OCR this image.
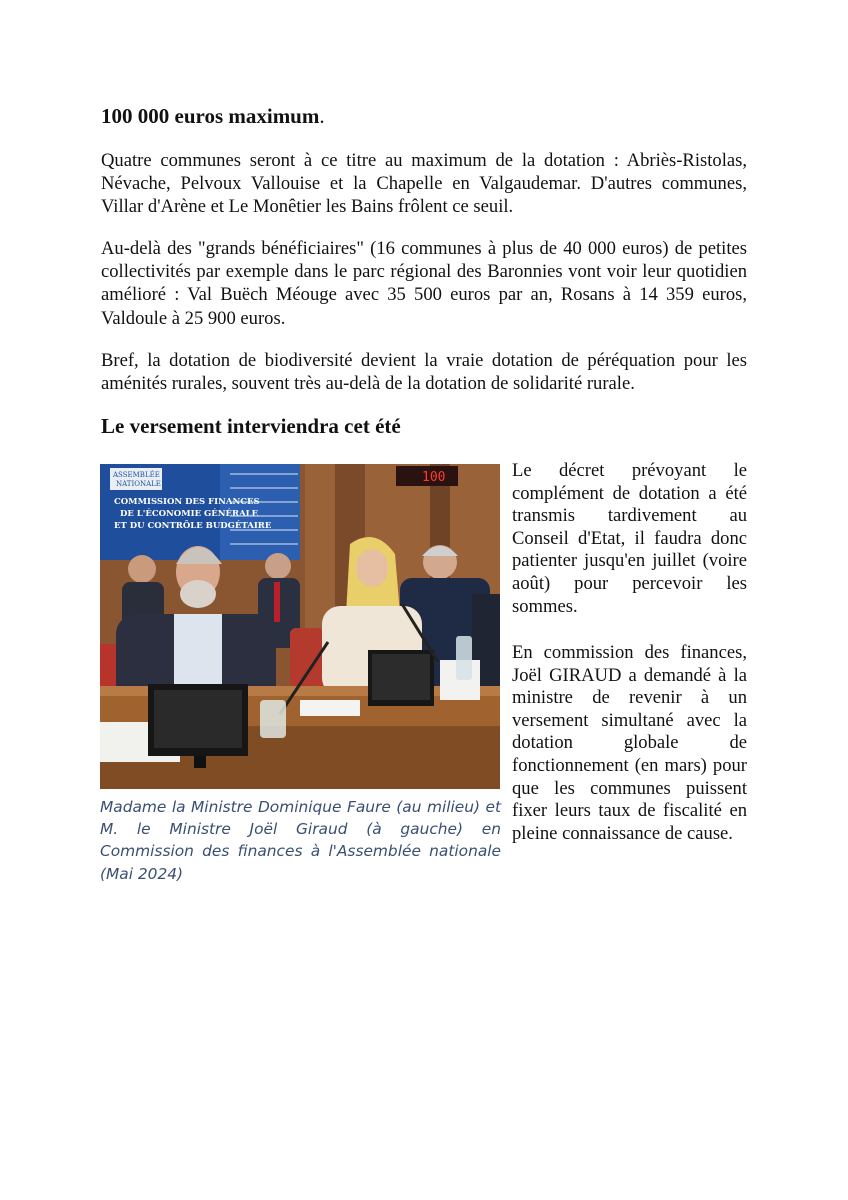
100 000 euros maximum.

Quatre communes seront à ce titre au maximum de la dotation : Abriès-Ristolas, Névache, Pelvoux Vallouise et la Chapelle en Valgaudemar. D'autres communes, Villar d'Arène et Le Monêtier les Bains frôlent ce seuil.

Au-delà des "grands bénéficiaires" (16 communes à plus de 40 000 euros) de petites collectivités par exemple dans le parc régional des Baronnies vont voir leur quotidien amélioré : Val Buëch Méouge avec 35 500 euros par an, Rosans à 14 359 euros, Valdoule à 25 900 euros.

Bref, la dotation de biodiversité devient la vraie dotation de péréquation pour les aménités rurales, souvent très au-delà de la dotation de solidarité rurale.

Le versement interviendra cet été
100
ASSEMBLÉE
NATIONALE
COMMISSION DES FINANCES
DE L'ÉCONOMIE GÉNÉRALE
ET DU CONTRÔLE BUDGÉTAIRE

Madame la Ministre Dominique Faure (au milieu) et M. le Ministre Joël Giraud (à gauche) en Commission des finances à l'Assemblée nationale (Mai 2024)

Le décret prévoyant le complément de dotation a été transmis tardivement au Conseil d'Etat, il faudra donc patienter jusqu'en juillet (voire août) pour percevoir les sommes.

En commission des finances, Joël GIRAUD a demandé à la ministre de revenir à un versement simultané avec la dotation globale de fonctionnement (en mars) pour que les communes puissent fixer leurs taux de fiscalité en pleine connaissance de cause.
